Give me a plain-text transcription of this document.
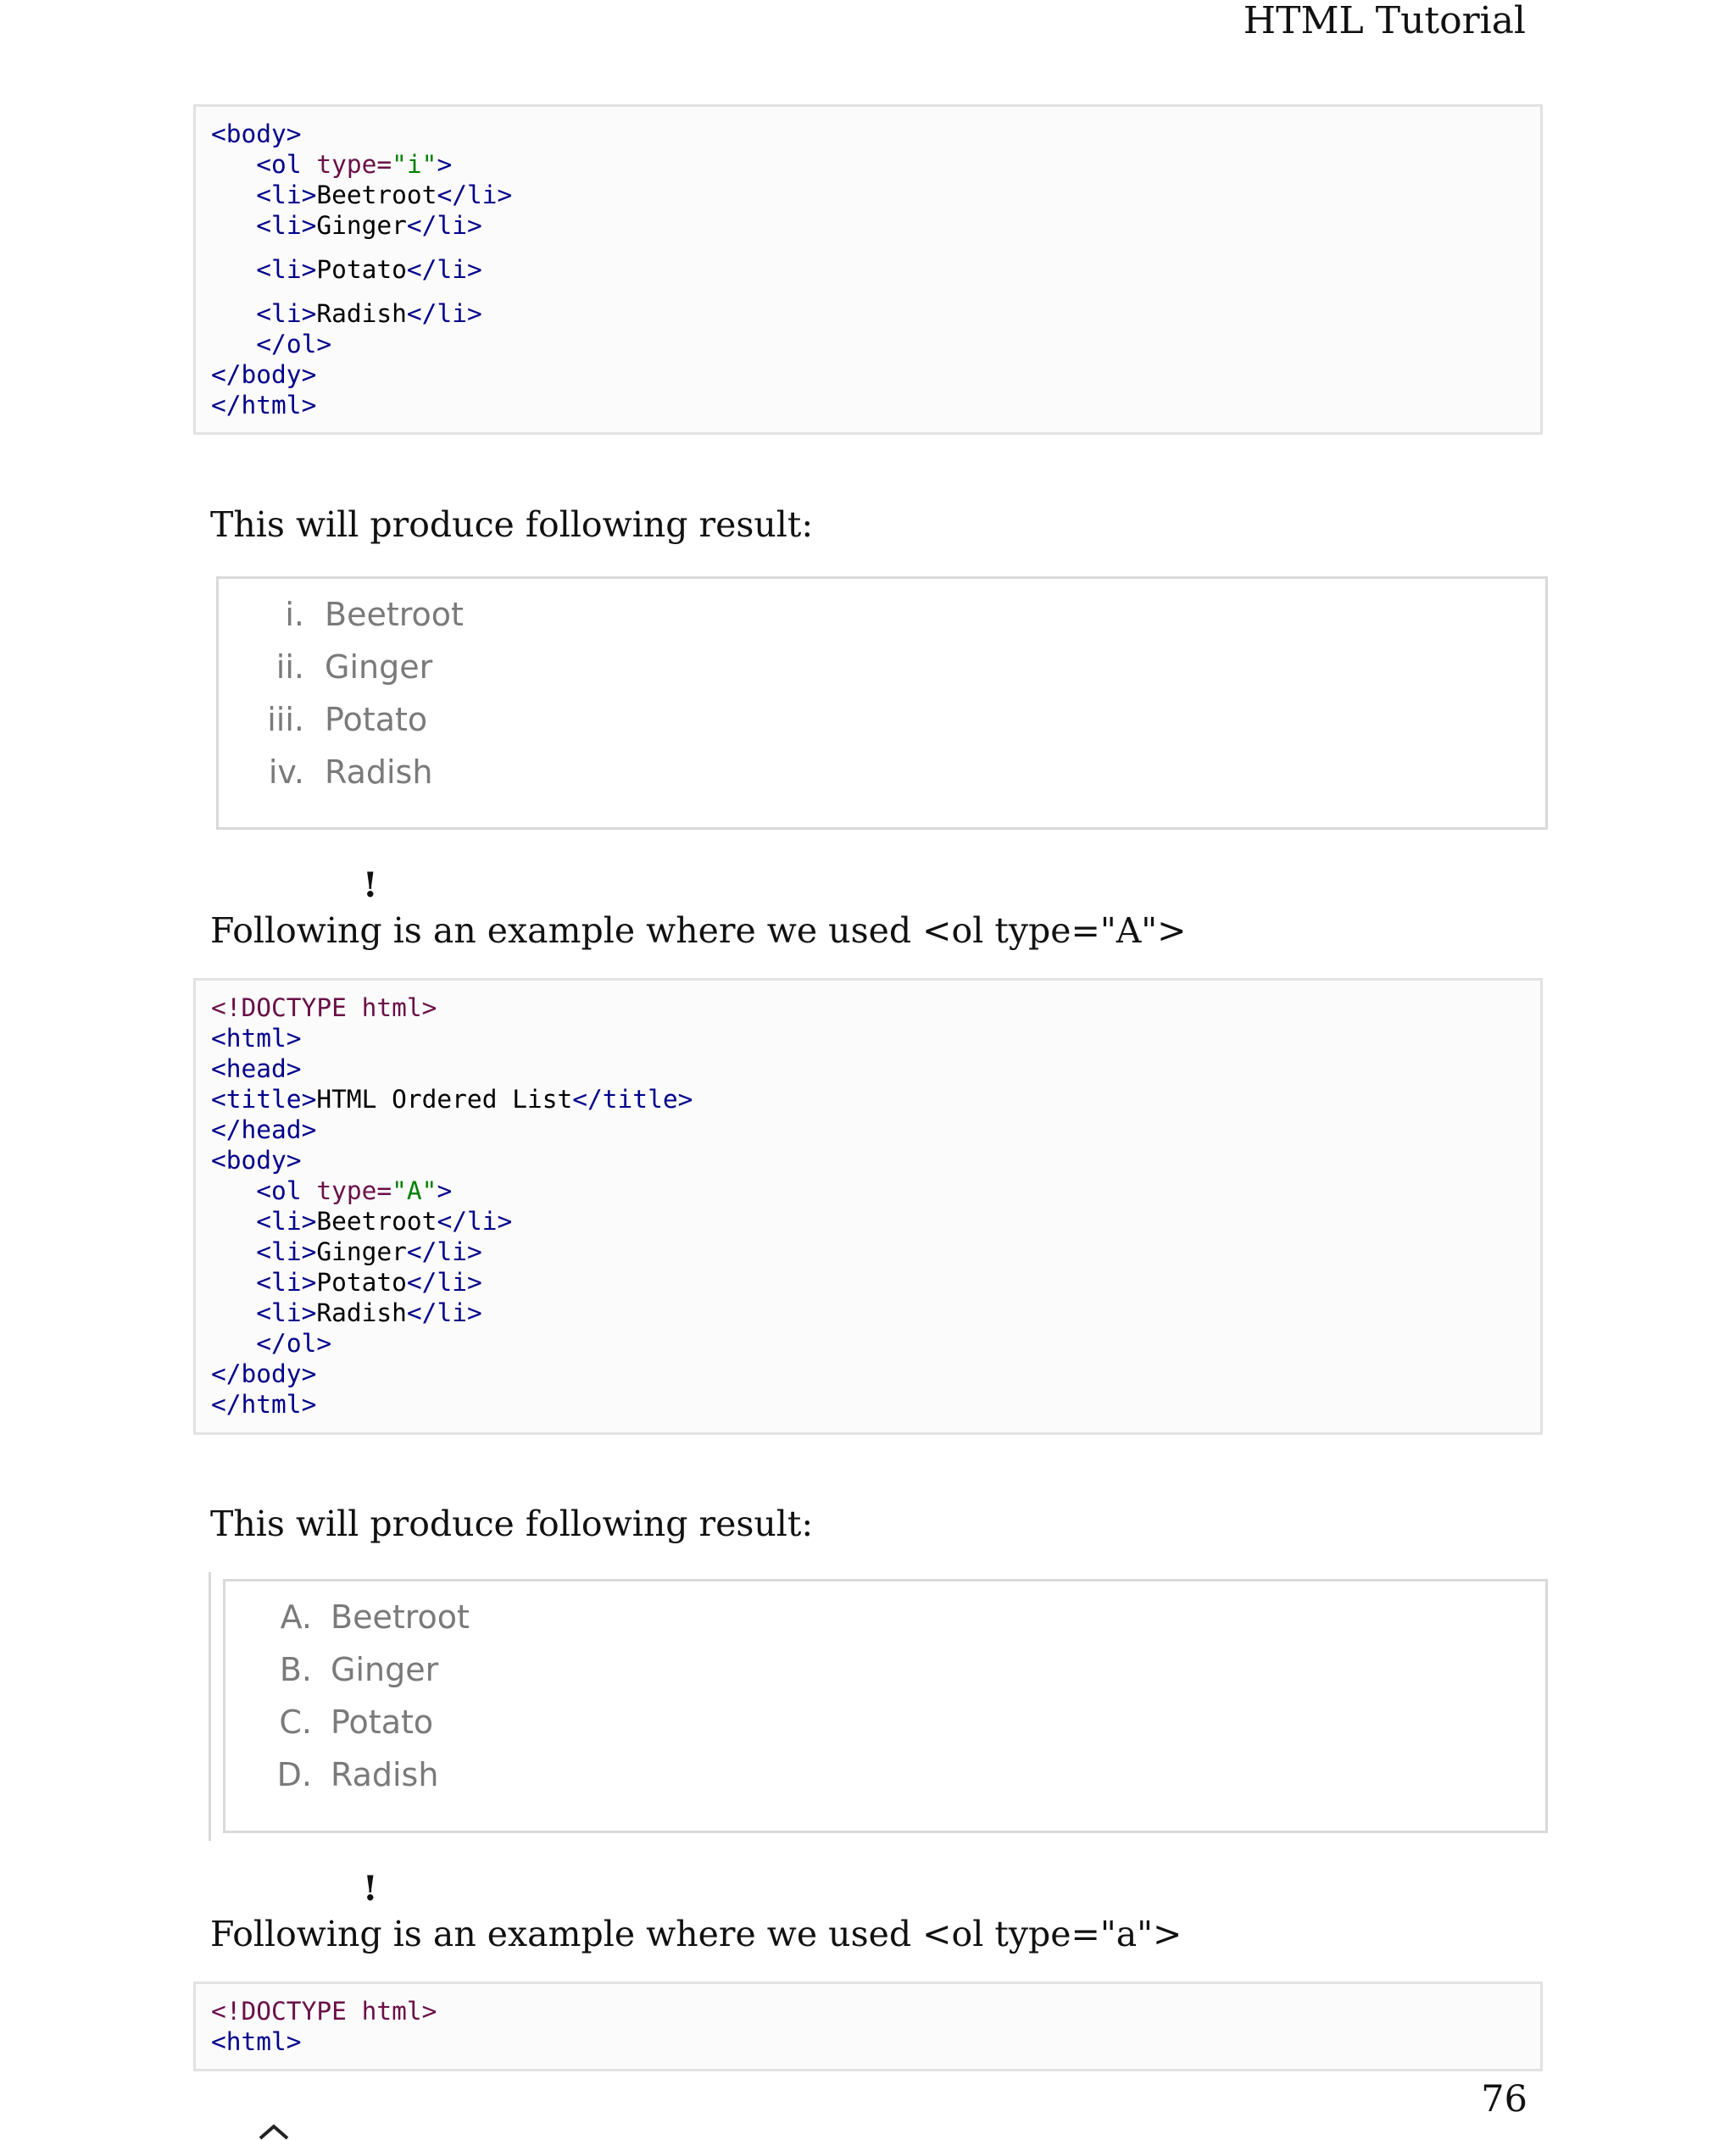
HTML Tutorial
<body>
<ol type="i">
<li>Beetroot</li>
<li>Ginger</li>
<li>Potato</li>
<li>Radish</li>
</ol>
</body>
</html>
This will produce following result:
i. Beetroot
ii. Ginger
iii. Potato
iv. Radish
!
Following is an example where we used <ol type="A">
<!DOCTYPE html>
<html>
<head>
<title>HTML Ordered List</title>
</head>
<body>
<ol type="A">
<li>Beetroot</li>
<li>Ginger</li>
<li>Potato</li>
<li>Radish</li>
</ol>
</body>
</html>
This will produce following result:
A. Beetroot
B. Ginger
C. Potato
D. Radish
!
Following is an example where we used <ol type="a">
<!DOCTYPE html>
<html>
76
